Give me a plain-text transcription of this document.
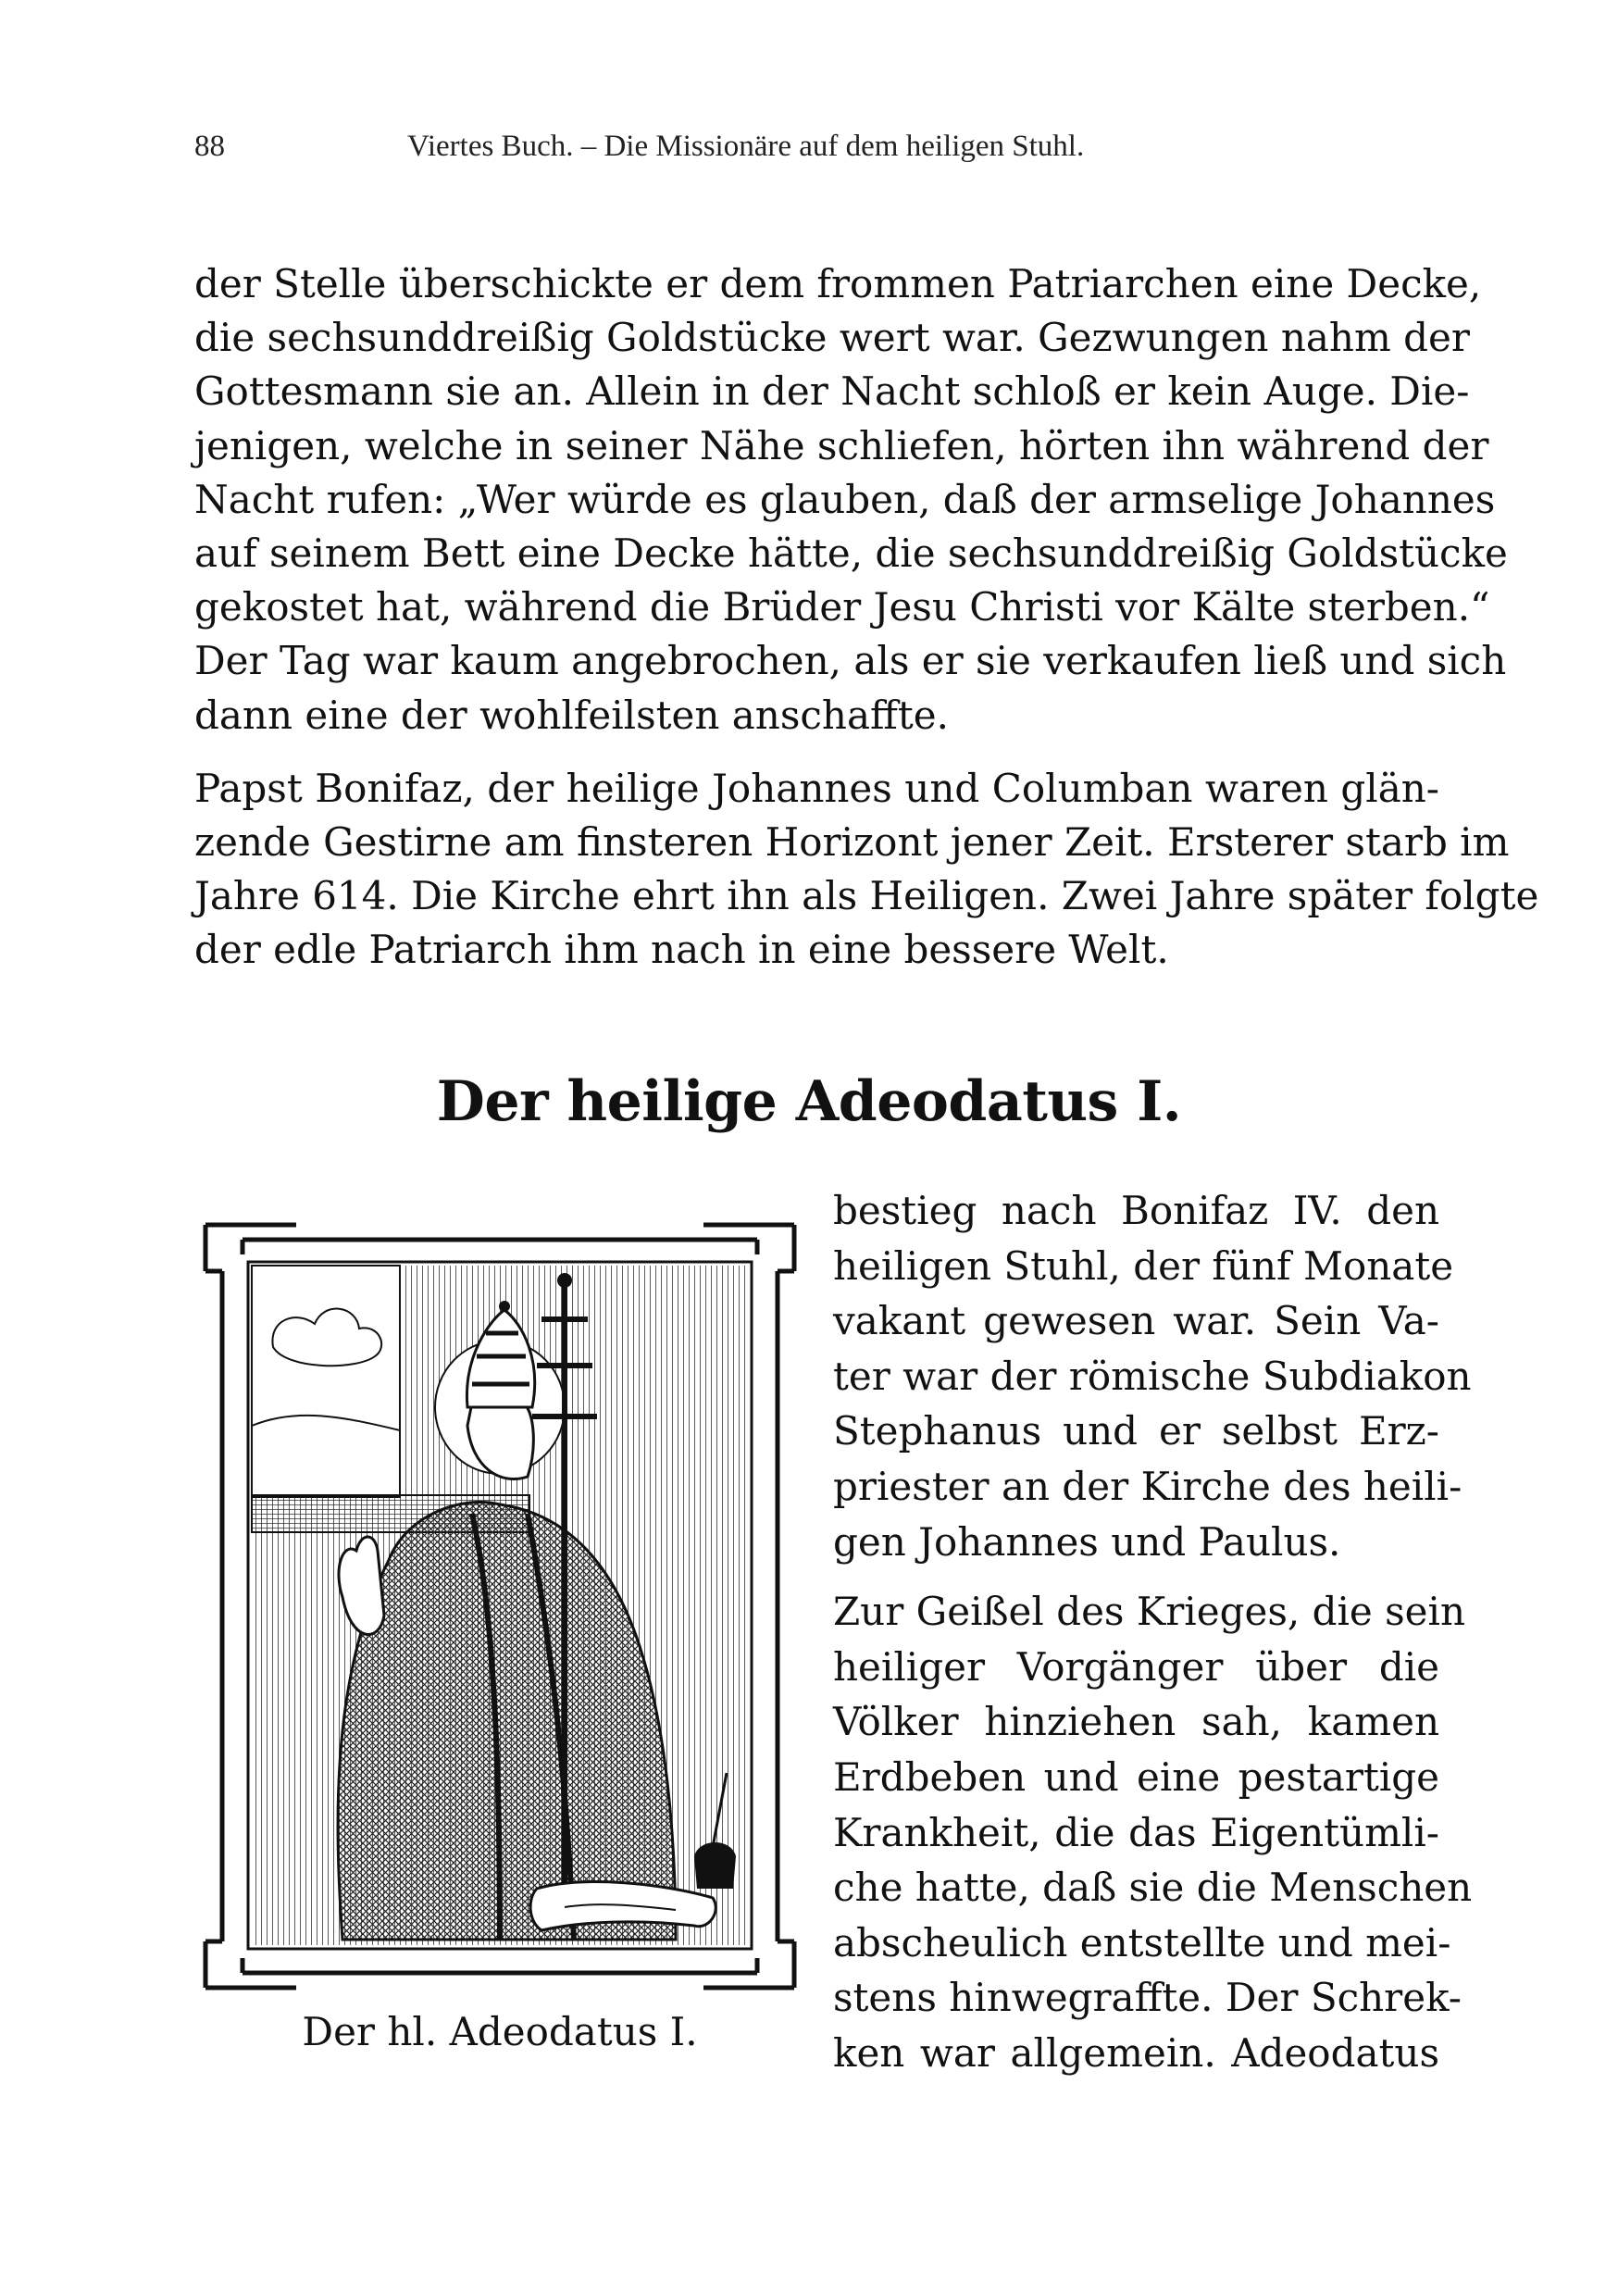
88	Viertes Buch. – Die Missionäre auf dem heiligen Stuhl.

der Stelle überschickte er dem frommen Patriarchen eine Decke,
die sechsunddreißig Goldstücke wert war. Gezwungen nahm der
Gottesmann sie an. Allein in der Nacht schloß er kein Auge. Die-
jenigen, welche in seiner Nähe schliefen, hörten ihn während der
Nacht rufen: „Wer würde es glauben, daß der armselige Johannes
auf seinem Bett eine Decke hätte, die sechsunddreißig Goldstücke
gekostet hat, während die Brüder Jesu Christi vor Kälte sterben.“
Der Tag war kaum angebrochen, als er sie verkaufen ließ und sich
dann eine der wohlfeilsten anschaffte.

Papst Bonifaz, der heilige Johannes und Columban waren glän-
zende Gestirne am finsteren Horizont jener Zeit. Ersterer starb im
Jahre 614. Die Kirche ehrt ihn als Heiligen. Zwei Jahre später folgte
der edle Patriarch ihm nach in eine bessere Welt.

Der heilige Adeodatus I.
Der hl. Adeodatus I.

bestieg nach Bonifaz IV. den
heiligen Stuhl, der fünf Monate
vakant gewesen war. Sein Va-
ter war der römische Subdiakon
Stephanus und er selbst Erz-
priester an der Kirche des heili-
gen Johannes und Paulus.

Zur Geißel des Krieges, die sein
heiliger Vorgänger über die
Völker hinziehen sah, kamen
Erdbeben und eine pestartige
Krankheit, die das Eigentümli-
che hatte, daß sie die Menschen
abscheulich entstellte und mei-
stens hinwegraffte. Der Schrek-
ken war allgemein. Adeodatus
